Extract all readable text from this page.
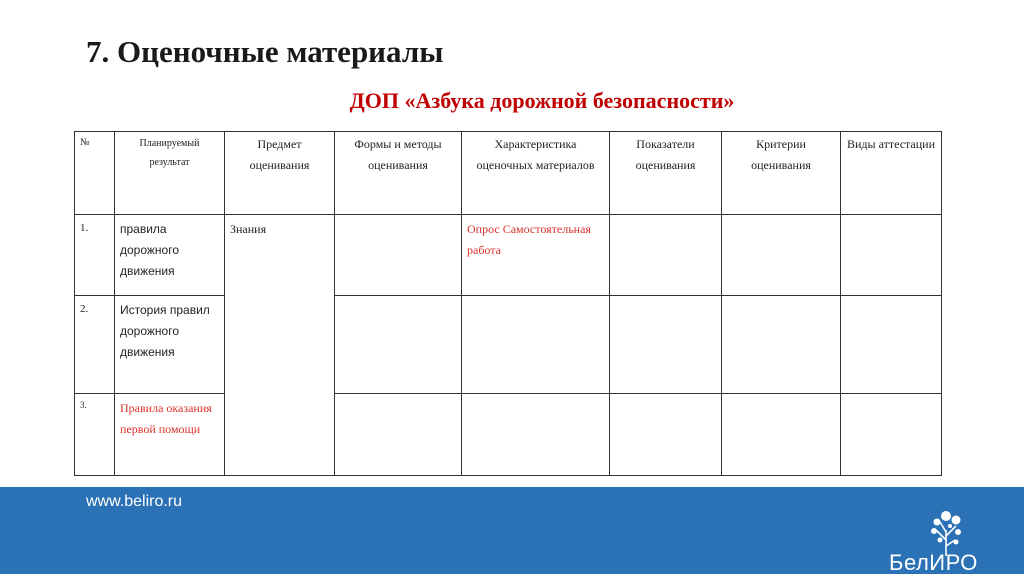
7. Оценочные материалы
ДОП «Азбука дорожной безопасности»
№	Планируемый результат	Предмет оценивания	Формы и методы оценивания	Характеристика оценочных материалов	Показатели оценивания	Критерии оценивания	Виды аттестации
1.	правила дорожного движения	Знания		Опрос Самостоятельная работа			
2.	История правил дорожного движения						
3.	Правила оказания первой помощи						
www.beliro.ru
БелИРО
